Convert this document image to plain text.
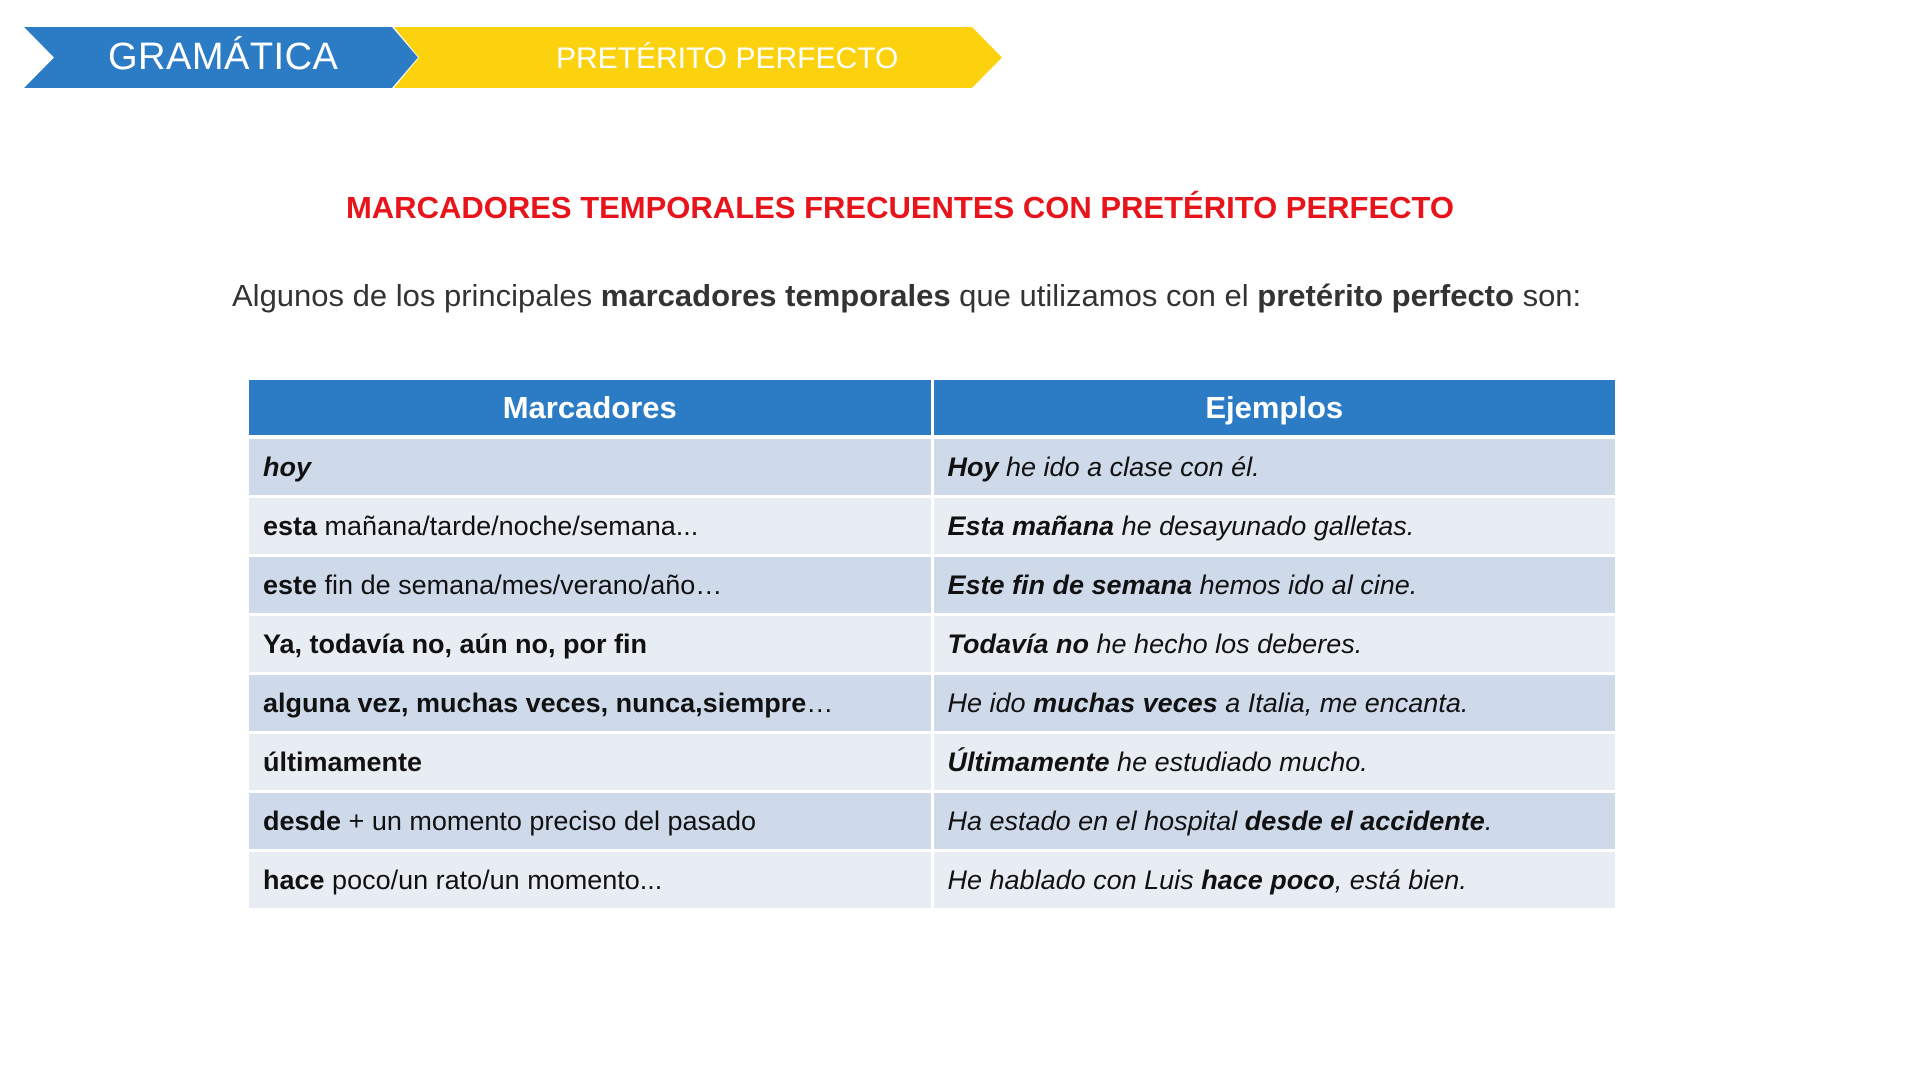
GRAMÁTICA	PRETÉRITO PERFECTO
MARCADORES TEMPORALES FRECUENTES CON PRETÉRITO PERFECTO
Algunos de los principales marcadores temporales que utilizamos con el pretérito perfecto son:
Marcadores	Ejemplos
hoy	Hoy he ido a clase con él.
esta mañana/tarde/noche/semana...	Esta mañana he desayunado galletas.
este fin de semana/mes/verano/año…	Este fin de semana hemos ido al cine.
Ya, todavía no, aún no, por fin	Todavía no he hecho los deberes.
alguna vez, muchas veces, nunca,siempre…	He ido muchas veces a Italia, me encanta.
últimamente	Últimamente he estudiado mucho.
desde + un momento preciso del pasado	Ha estado en el hospital desde el accidente.
hace poco/un rato/un momento...	He hablado con Luis hace poco, está bien.
